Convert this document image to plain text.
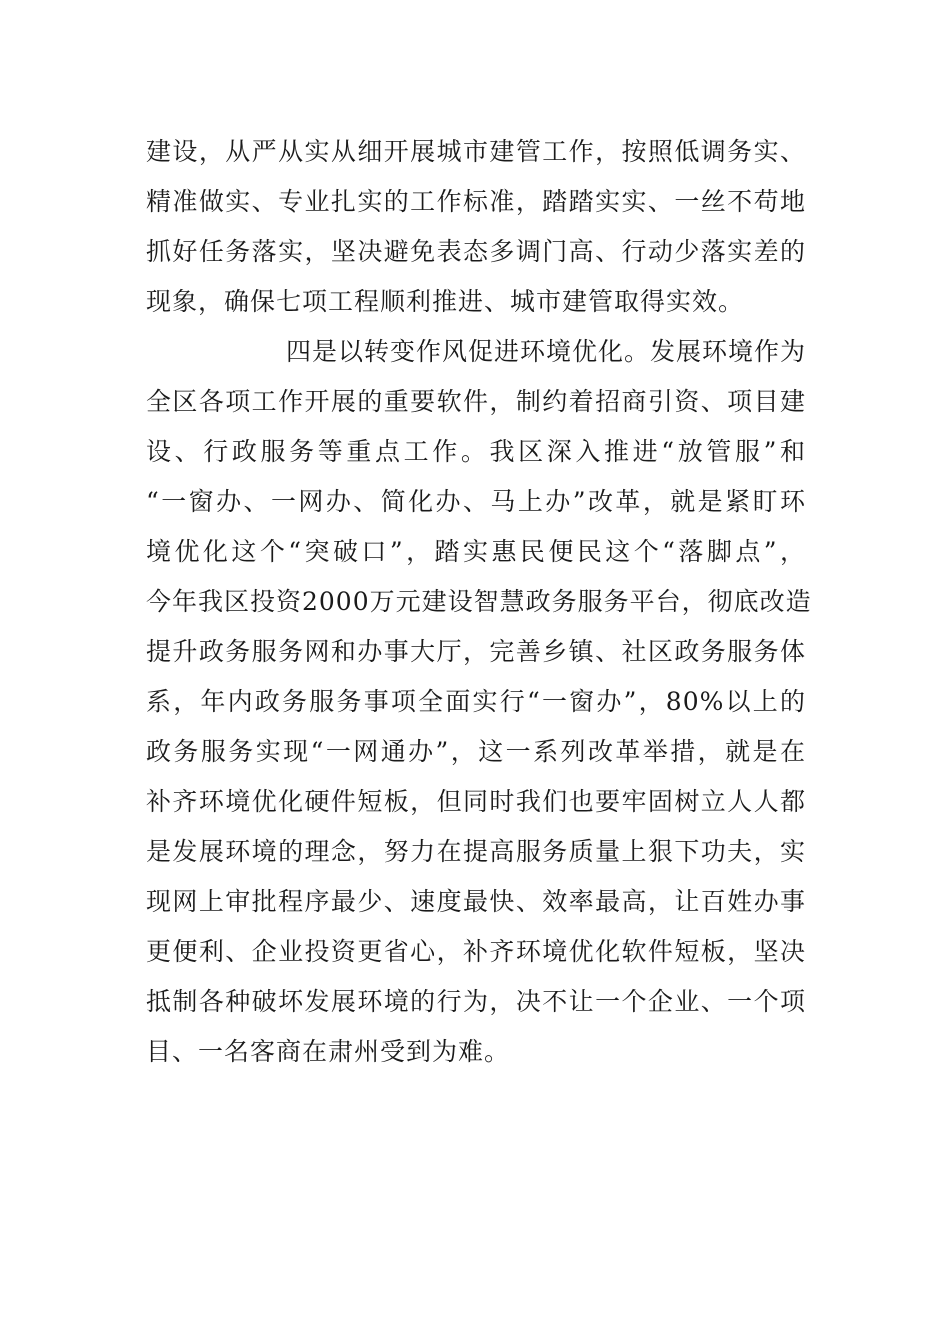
建设，从严从实从细开展城市建管工作，按照低调务实、
精准做实、专业扎实的工作标准，踏踏实实、一丝不苟地
抓好任务落实，坚决避免表态多调门高、行动少落实差的
现象，确保七项工程顺利推进、城市建管取得实效。
四是以转变作风促进环境优化。发展环境作为
全区各项工作开展的重要软件，制约着招商引资、项目建
设、行政服务等重点工作。我区深入推进“放管服”和
“一窗办、一网办、简化办、马上办”改革，就是紧盯环
境优化这个“突破口”，踏实惠民便民这个“落脚点”，
今年我区投资2000万元建设智慧政务服务平台，彻底改造
提升政务服务网和办事大厅，完善乡镇、社区政务服务体
系，年内政务服务事项全面实行“一窗办”，80%以上的
政务服务实现“一网通办”，这一系列改革举措，就是在
补齐环境优化硬件短板，但同时我们也要牢固树立人人都
是发展环境的理念，努力在提高服务质量上狠下功夫，实
现网上审批程序最少、速度最快、效率最高，让百姓办事
更便利、企业投资更省心，补齐环境优化软件短板，坚决
抵制各种破坏发展环境的行为，决不让一个企业、一个项
目、一名客商在肃州受到为难。
